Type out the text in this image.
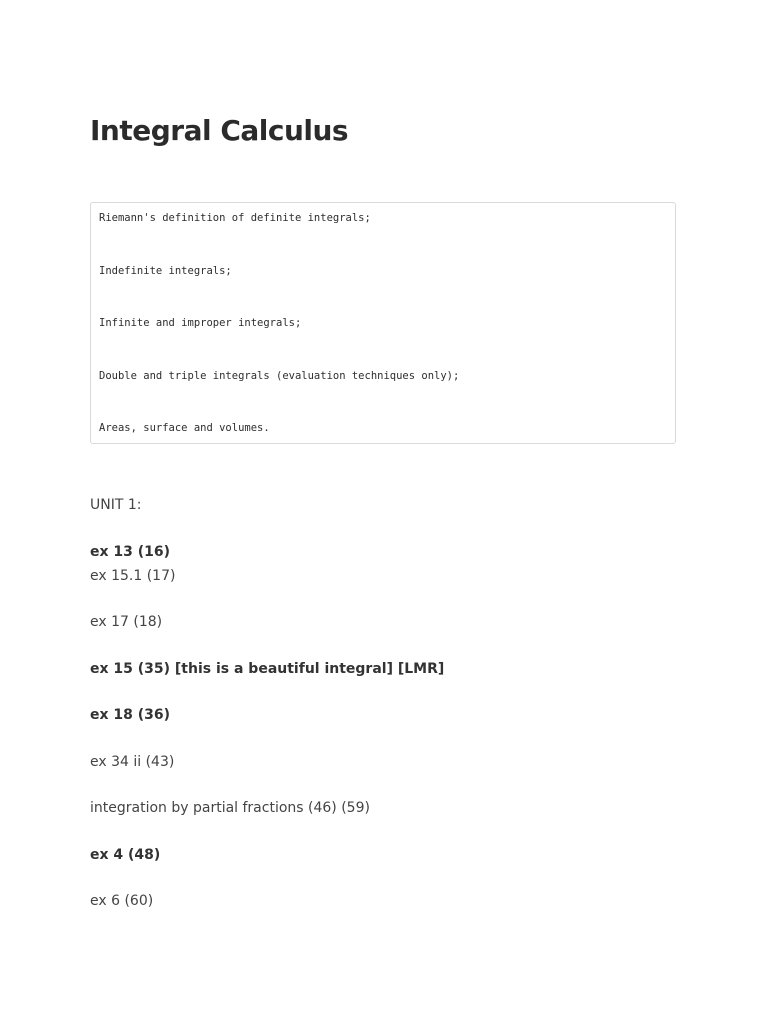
Integral Calculus
Riemann's definition of definite integrals;
Indefinite integrals;
Infinite and improper integrals;
Double and triple integrals (evaluation techniques only);
Areas, surface and volumes.
UNIT 1:
ex 13 (16)
ex 15.1 (17)
ex 17 (18)
ex 15 (35) [this is a beautiful integral] [LMR]
ex 18 (36)
ex 34 ii (43)
integration by partial fractions (46) (59)
ex 4 (48)
ex 6 (60)
